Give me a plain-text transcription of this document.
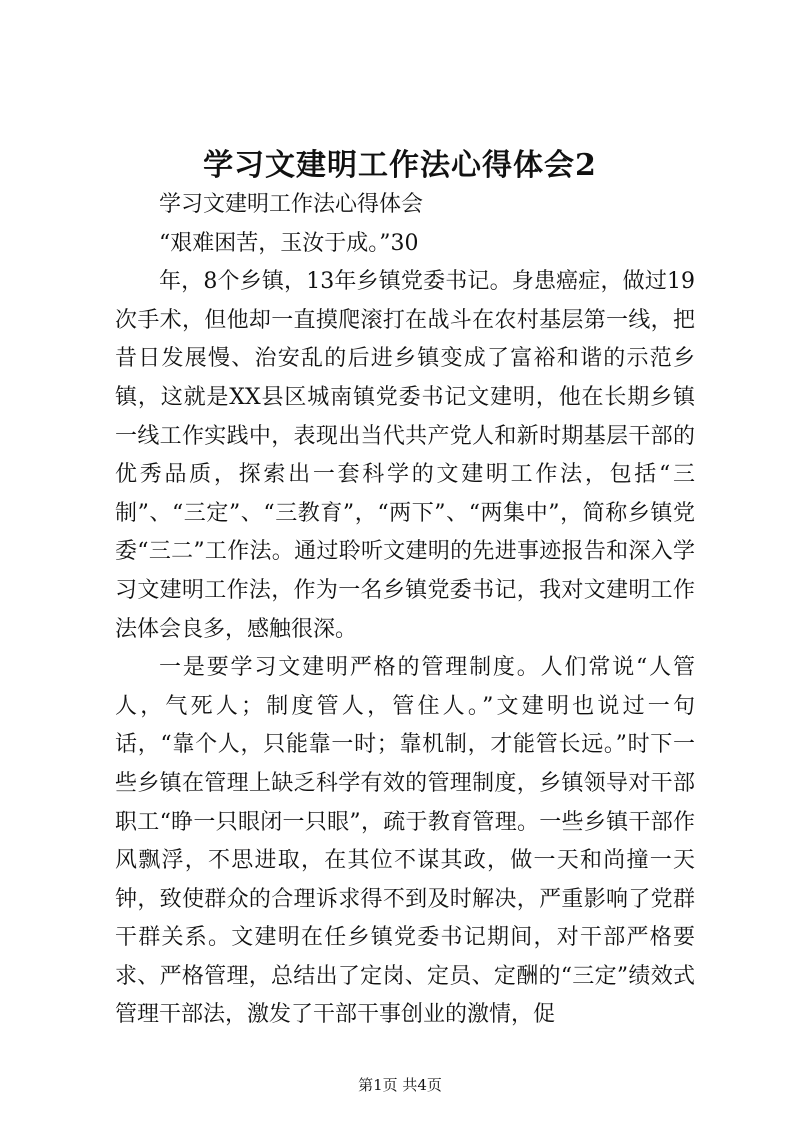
学习文建明工作法心得体会2

学习文建明工作法心得体会

“艰难困苦，玉汝于成。”30

年，8个乡镇，13年乡镇党委书记。身患癌症，做过19次手术，但他却一直摸爬滚打在战斗在农村基层第一线，把昔日发展慢、治安乱的后进乡镇变成了富裕和谐的示范乡镇，这就是XX县区城南镇党委书记文建明，他在长期乡镇一线工作实践中，表现出当代共产党人和新时期基层干部的优秀品质，探索出一套科学的文建明工作法，包括“三制”、“三定”、“三教育”，“两下”、“两集中”，简称乡镇党委“三二”工作法。通过聆听文建明的先进事迹报告和深入学习文建明工作法，作为一名乡镇党委书记，我对文建明工作法体会良多，感触很深。

一是要学习文建明严格的管理制度。人们常说“人管人，气死人；制度管人，管住人。”文建明也说过一句话，“靠个人，只能靠一时；靠机制，才能管长远。”时下一些乡镇在管理上缺乏科学有效的管理制度，乡镇领导对干部职工“睁一只眼闭一只眼”，疏于教育管理。一些乡镇干部作风飘浮，不思进取，在其位不谋其政，做一天和尚撞一天钟，致使群众的合理诉求得不到及时解决，严重影响了党群干群关系。文建明在任乡镇党委书记期间，对干部严格要求、严格管理，总结出了定岗、定员、定酬的“三定”绩效式管理干部法，激发了干部干事创业的激情，促

第1页 共4页
